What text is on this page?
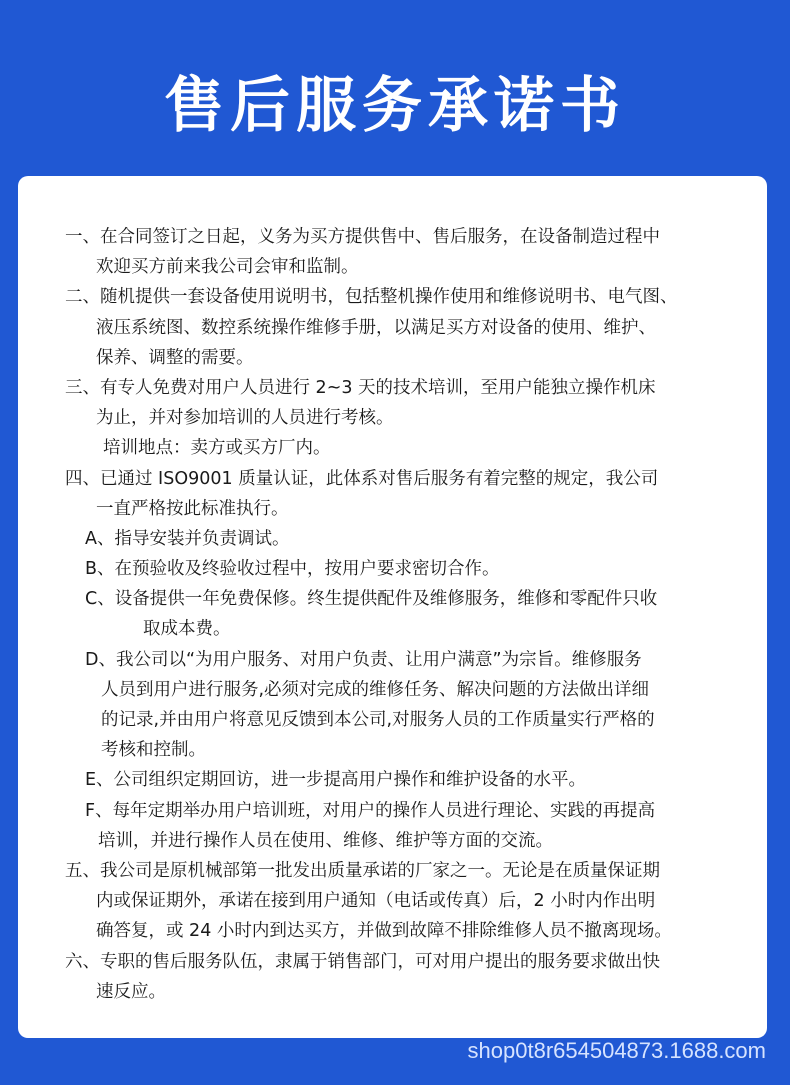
售后服务承诺书
一、在合同签订之日起，义务为买方提供售中、售后服务，在设备制造过程中
欢迎买方前来我公司会审和监制。
二、随机提供一套设备使用说明书，包括整机操作使用和维修说明书、电气图、
液压系统图、数控系统操作维修手册，以满足买方对设备的使用、维护、
保养、调整的需要。
三、有专人免费对用户人员进行 2~3 天的技术培训，至用户能独立操作机床
为止，并对参加培训的人员进行考核。
培训地点：卖方或买方厂内。
四、已通过 ISO9001 质量认证，此体系对售后服务有着完整的规定，我公司
一直严格按此标准执行。
A、指导安装并负责调试。
B、在预验收及终验收过程中，按用户要求密切合作。
C、设备提供一年免费保修。终生提供配件及维修服务，维修和零配件只收
取成本费。
D、我公司以“为用户服务、对用户负责、让用户满意”为宗旨。维修服务
人员到用户进行服务,必须对完成的维修任务、解决问题的方法做出详细
的记录,并由用户将意见反馈到本公司,对服务人员的工作质量实行严格的
考核和控制。
E、公司组织定期回访，进一步提高用户操作和维护设备的水平。
F、每年定期举办用户培训班，对用户的操作人员进行理论、实践的再提高
培训，并进行操作人员在使用、维修、维护等方面的交流。
五、我公司是原机械部第一批发出质量承诺的厂家之一。无论是在质量保证期
内或保证期外，承诺在接到用户通知（电话或传真）后，2 小时内作出明
确答复，或 24 小时内到达买方，并做到故障不排除维修人员不撤离现场。
六、专职的售后服务队伍，隶属于销售部门，可对用户提出的服务要求做出快
速反应。
shop0t8r654504873.1688.com
